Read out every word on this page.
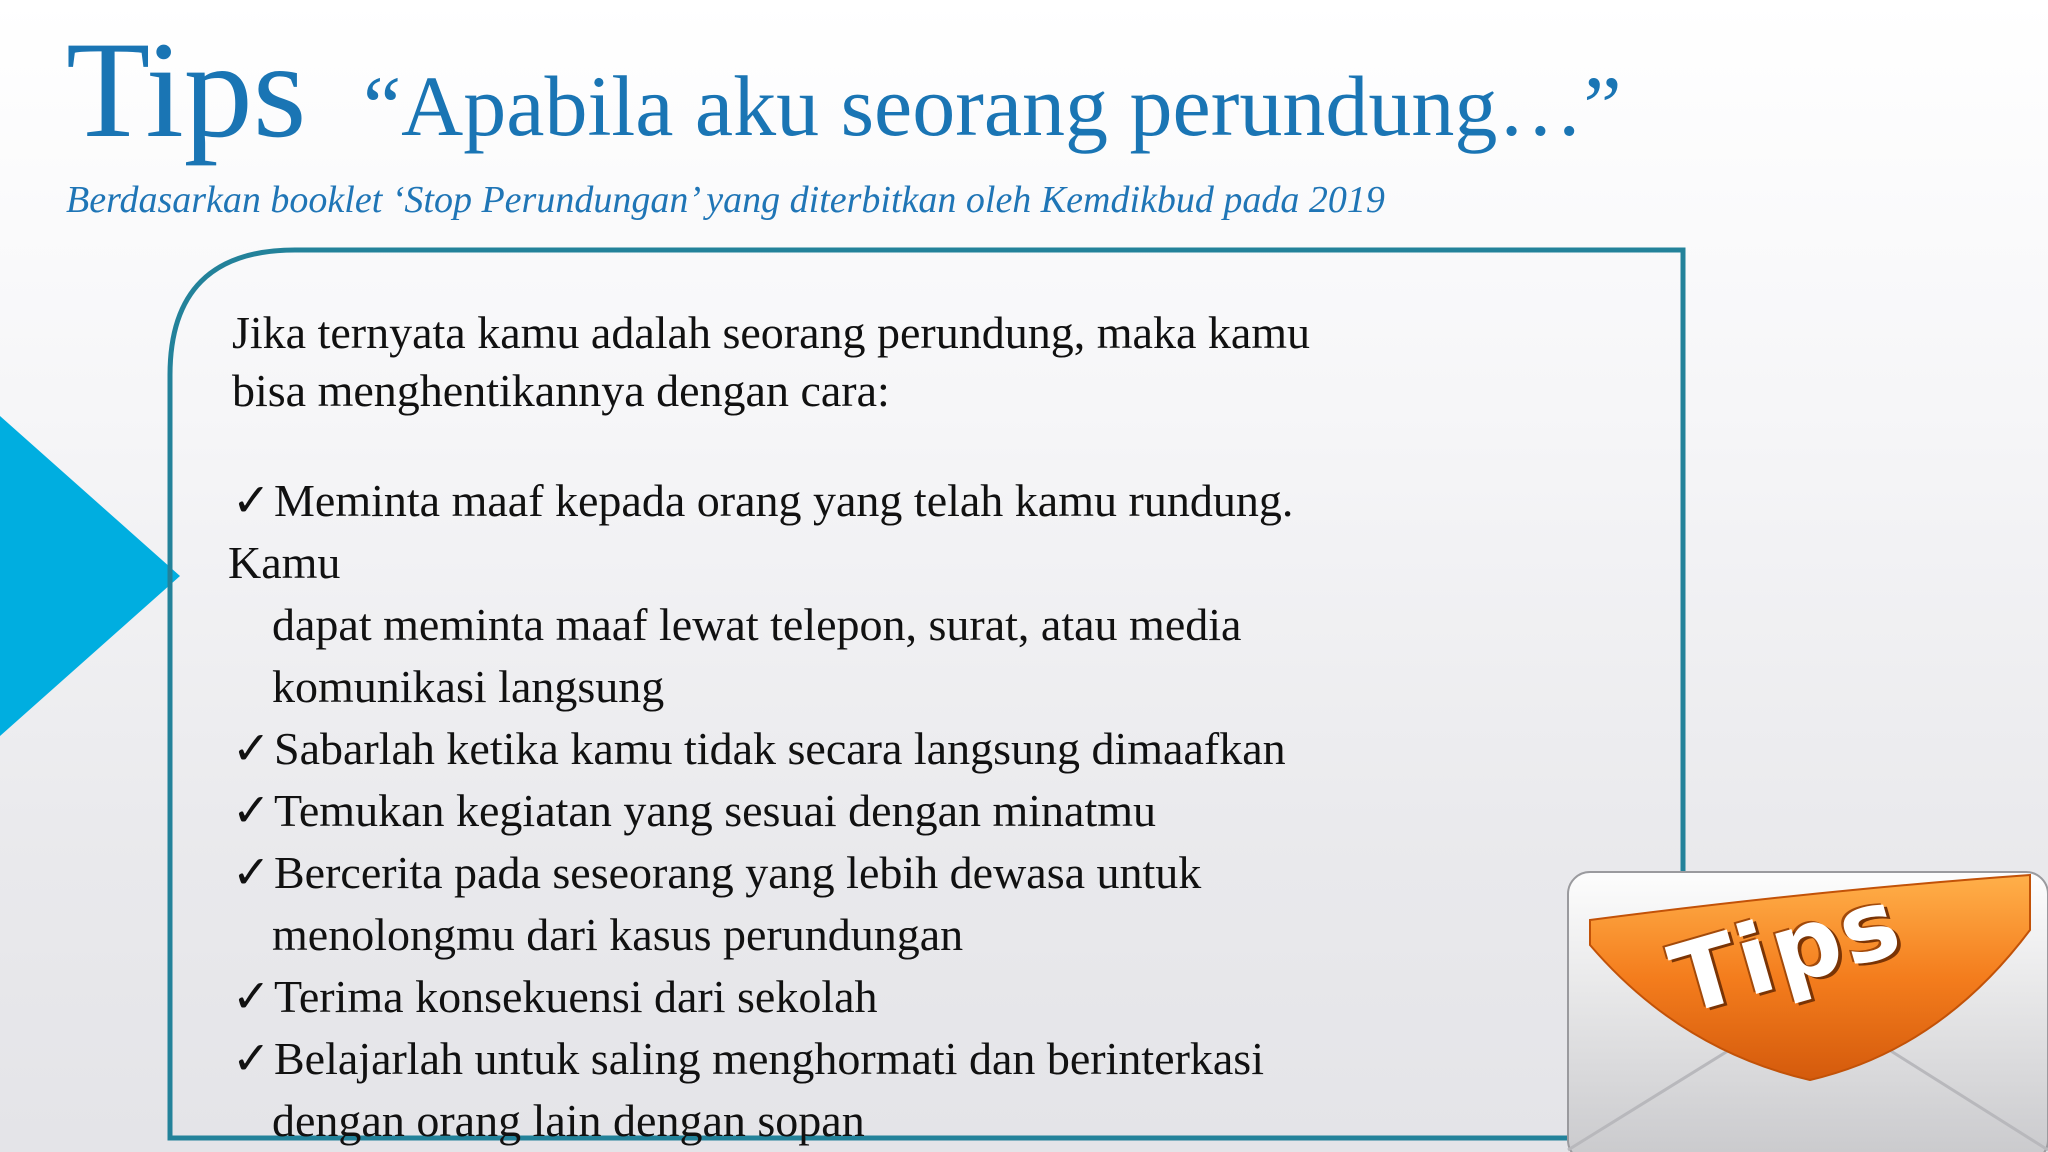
Tips “Apabila aku seorang perundung…”
Berdasarkan booklet ‘Stop Perundungan’ yang diterbitkan oleh Kemdikbud pada 2019
Jika ternyata kamu adalah seorang perundung, maka kamu
bisa menghentikannya dengan cara:
✓Meminta maaf kepada orang yang telah kamu rundung.
Kamu
dapat meminta maaf lewat telepon, surat, atau media
komunikasi langsung
✓Sabarlah ketika kamu tidak secara langsung dimaafkan
✓Temukan kegiatan yang sesuai dengan minatmu
✓Bercerita pada seseorang yang lebih dewasa untuk
menolongmu dari kasus perundungan
✓Terima konsekuensi dari sekolah
✓Belajarlah untuk saling menghormati dan berinterkasi
dengan orang lain dengan sopan
Tips
